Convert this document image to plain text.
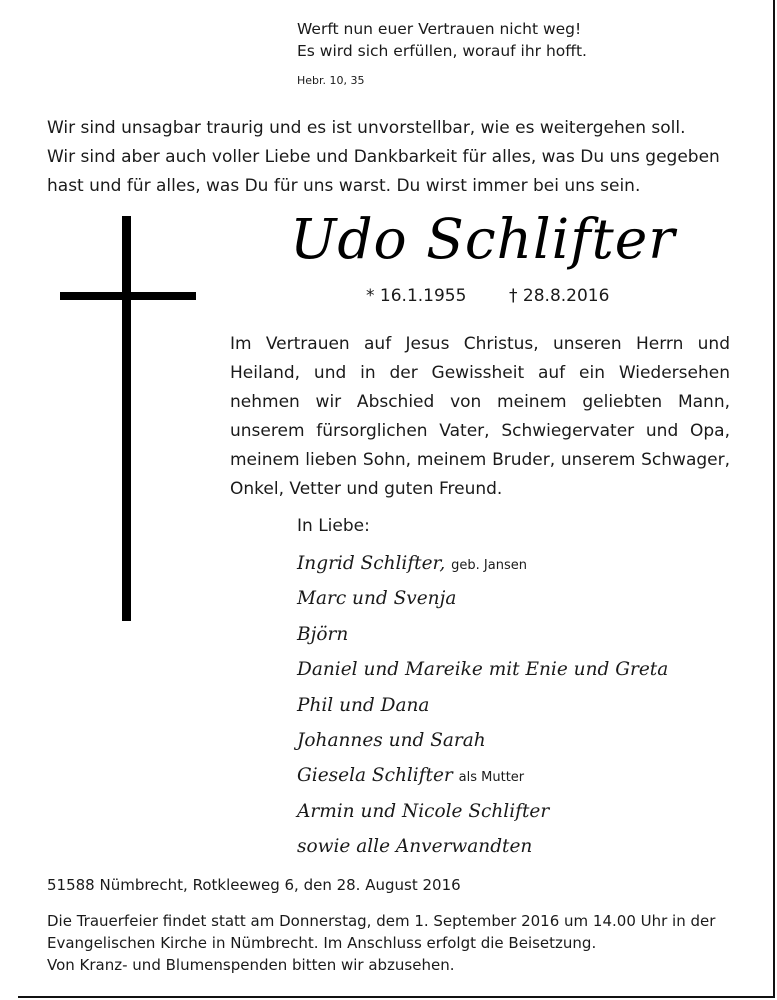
Werft nun euer Vertrauen nicht weg!
Es wird sich erfüllen, worauf ihr hofft.
Hebr. 10, 35
Wir sind unsagbar traurig und es ist unvorstellbar, wie es weitergehen soll.
Wir sind aber auch voller Liebe und Dankbarkeit für alles, was Du uns gegeben
hast und für alles, was Du für uns warst. Du wirst immer bei uns sein.
Udo Schlifter
* 16.1.1955	† 28.8.2016
Im Vertrauen auf Jesus Christus, unseren Herrn und Heiland, und in der Gewissheit auf ein Wiedersehen nehmen wir Abschied von meinem geliebten Mann, unserem fürsorglichen Vater, Schwiegervater und Opa, meinem lieben Sohn, meinem Bruder, unserem Schwager, Onkel, Vetter und guten Freund.
In Liebe:
Ingrid Schlifter, geb. Jansen
Marc und Svenja
Björn
Daniel und Mareike mit Enie und Greta
Phil und Dana
Johannes und Sarah
Giesela Schlifter als Mutter
Armin und Nicole Schlifter
sowie alle Anverwandten
51588 Nümbrecht, Rotkleeweg 6, den 28. August 2016
Die Trauerfeier findet statt am Donnerstag, dem 1. September 2016 um 14.00 Uhr in der
Evangelischen Kirche in Nümbrecht. Im Anschluss erfolgt die Beisetzung.
Von Kranz- und Blumenspenden bitten wir abzusehen.
